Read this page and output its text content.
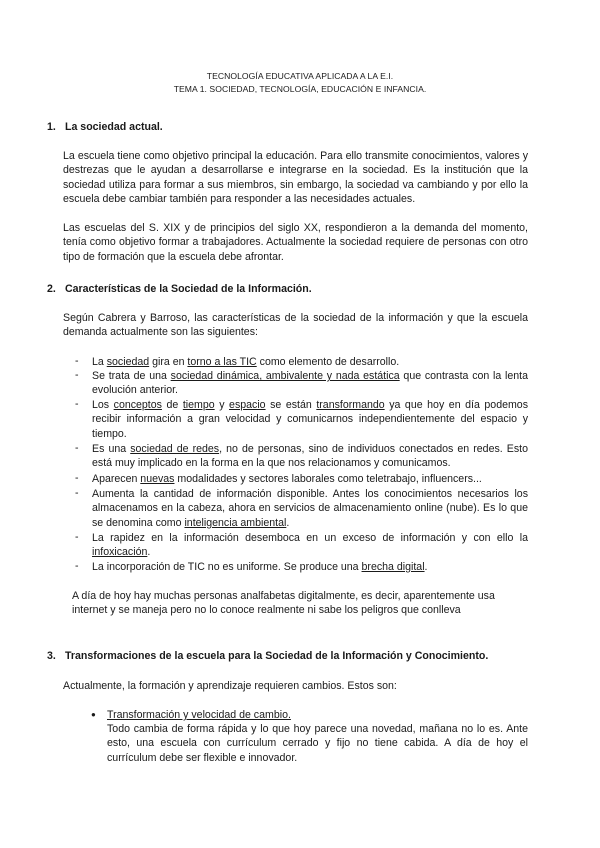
TECNOLOGÍA EDUCATIVA APLICADA A LA E.I.
TEMA 1. SOCIEDAD, TECNOLOGÍA, EDUCACIÓN E INFANCIA.
1. La sociedad actual.
La escuela tiene como objetivo principal la educación. Para ello transmite conocimientos, valores y destrezas que le ayudan a desarrollarse e integrarse en la sociedad. Es la institución que la sociedad utiliza para formar a sus miembros, sin embargo, la sociedad va cambiando y por ello la escuela debe cambiar también para responder a las necesidades actuales.
Las escuelas del S. XIX y de principios del siglo XX, respondieron a la demanda del momento, tenía como objetivo formar a trabajadores. Actualmente la sociedad requiere de personas con otro tipo de formación que la escuela debe afrontar.
2. Características de la Sociedad de la Información.
Según Cabrera y Barroso, las características de la sociedad de la información y que la escuela demanda actualmente son las siguientes:
- La sociedad gira en torno a las TIC como elemento de desarrollo.
- Se trata de una sociedad dinámica, ambivalente y nada estática que contrasta con la lenta evolución anterior.
- Los conceptos de tiempo y espacio se están transformando ya que hoy en día podemos recibir información a gran velocidad y comunicarnos independientemente del espacio y tiempo.
- Es una sociedad de redes, no de personas, sino de individuos conectados en redes. Esto está muy implicado en la forma en la que nos relacionamos y comunicamos.
- Aparecen nuevas modalidades y sectores laborales como teletrabajo, influencers...
- Aumenta la cantidad de información disponible. Antes los conocimientos necesarios los almacenamos en la cabeza, ahora en servicios de almacenamiento online (nube). Es lo que se denomina como inteligencia ambiental.
- La rapidez en la información desemboca en un exceso de información y con ello la infoxicación.
- La incorporación de TIC no es uniforme. Se produce una brecha digital.
A día de hoy hay muchas personas analfabetas digitalmente, es decir, aparentemente usa internet y se maneja pero no lo conoce realmente ni sabe los peligros que conlleva
3. Transformaciones de la escuela para la Sociedad de la Información y Conocimiento.
Actualmente, la formación y aprendizaje requieren cambios. Estos son:
● Transformación y velocidad de cambio.
Todo cambia de forma rápida y lo que hoy parece una novedad, mañana no lo es. Ante esto, una escuela con currículum cerrado y fijo no tiene cabida. A día de hoy el currículum debe ser flexible e innovador.
